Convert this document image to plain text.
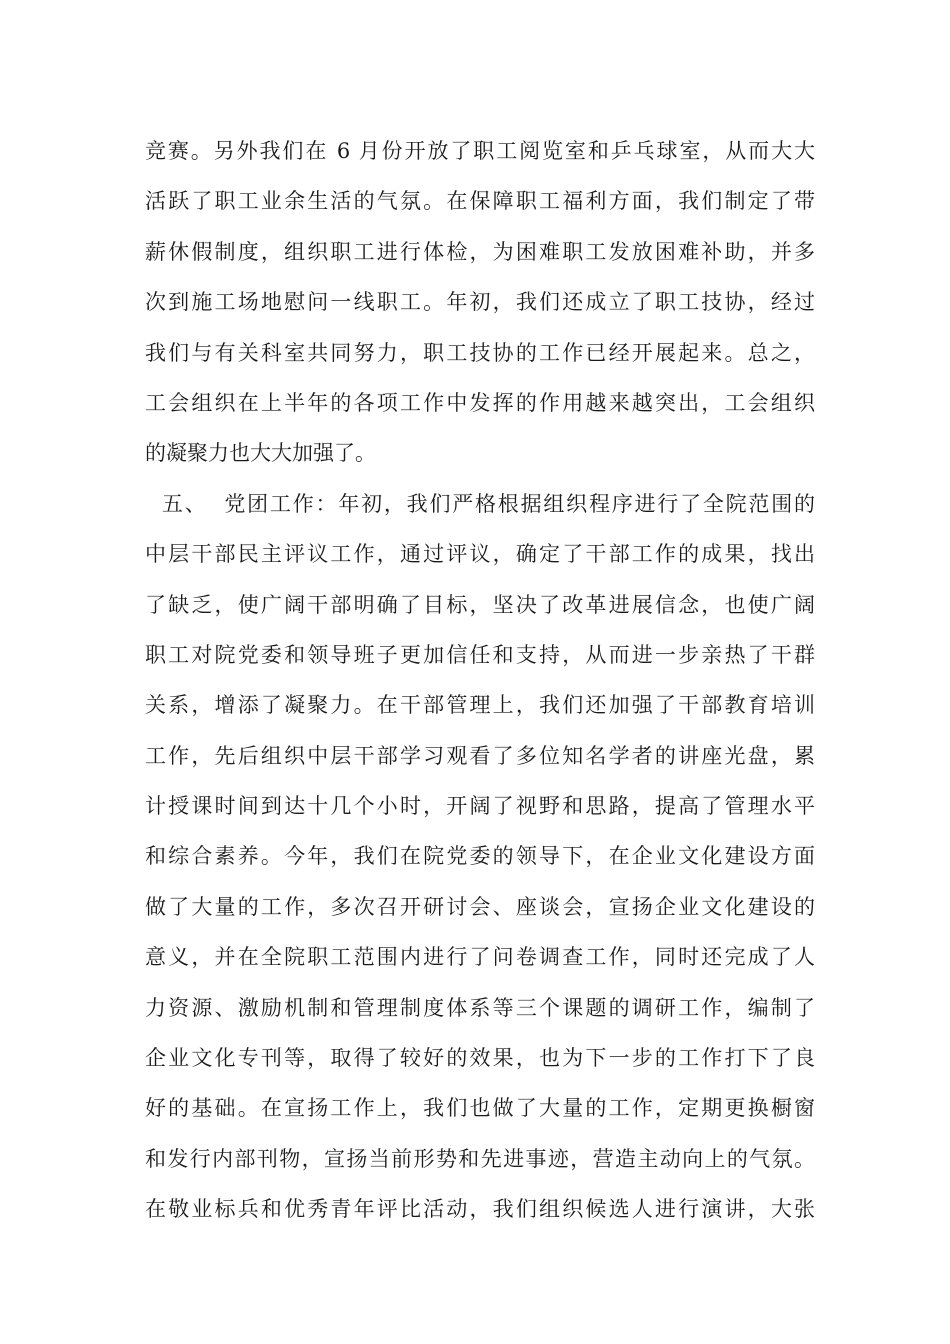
竞赛。另外我们在 6 月份开放了职工阅览室和乒乓球室，从而大大
活跃了职工业余生活的气氛。在保障职工福利方面，我们制定了带
薪休假制度，组织职工进行体检，为困难职工发放困难补助，并多
次到施工场地慰问一线职工。年初，我们还成立了职工技协，经过
我们与有关科室共同努力，职工技协的工作已经开展起来。总之，
工会组织在上半年的各项工作中发挥的作用越来越突出，工会组织
的凝聚力也大大加强了。
五、  党团工作：年初，我们严格根据组织程序进行了全院范围的
中层干部民主评议工作，通过评议，确定了干部工作的成果，找出
了缺乏，使广阔干部明确了目标，坚决了改革进展信念，也使广阔
职工对院党委和领导班子更加信任和支持，从而进一步亲热了干群
关系，增添了凝聚力。在干部管理上，我们还加强了干部教育培训
工作，先后组织中层干部学习观看了多位知名学者的讲座光盘，累
计授课时间到达十几个小时，开阔了视野和思路，提高了管理水平
和综合素养。今年，我们在院党委的领导下，在企业文化建设方面
做了大量的工作，多次召开研讨会、座谈会，宣扬企业文化建设的
意义，并在全院职工范围内进行了问卷调查工作，同时还完成了人
力资源、激励机制和管理制度体系等三个课题的调研工作，编制了
企业文化专刊等，取得了较好的效果，也为下一步的工作打下了良
好的基础。在宣扬工作上，我们也做了大量的工作，定期更换橱窗
和发行内部刊物，宣扬当前形势和先进事迹，营造主动向上的气氛。
在敬业标兵和优秀青年评比活动，我们组织候选人进行演讲，大张
